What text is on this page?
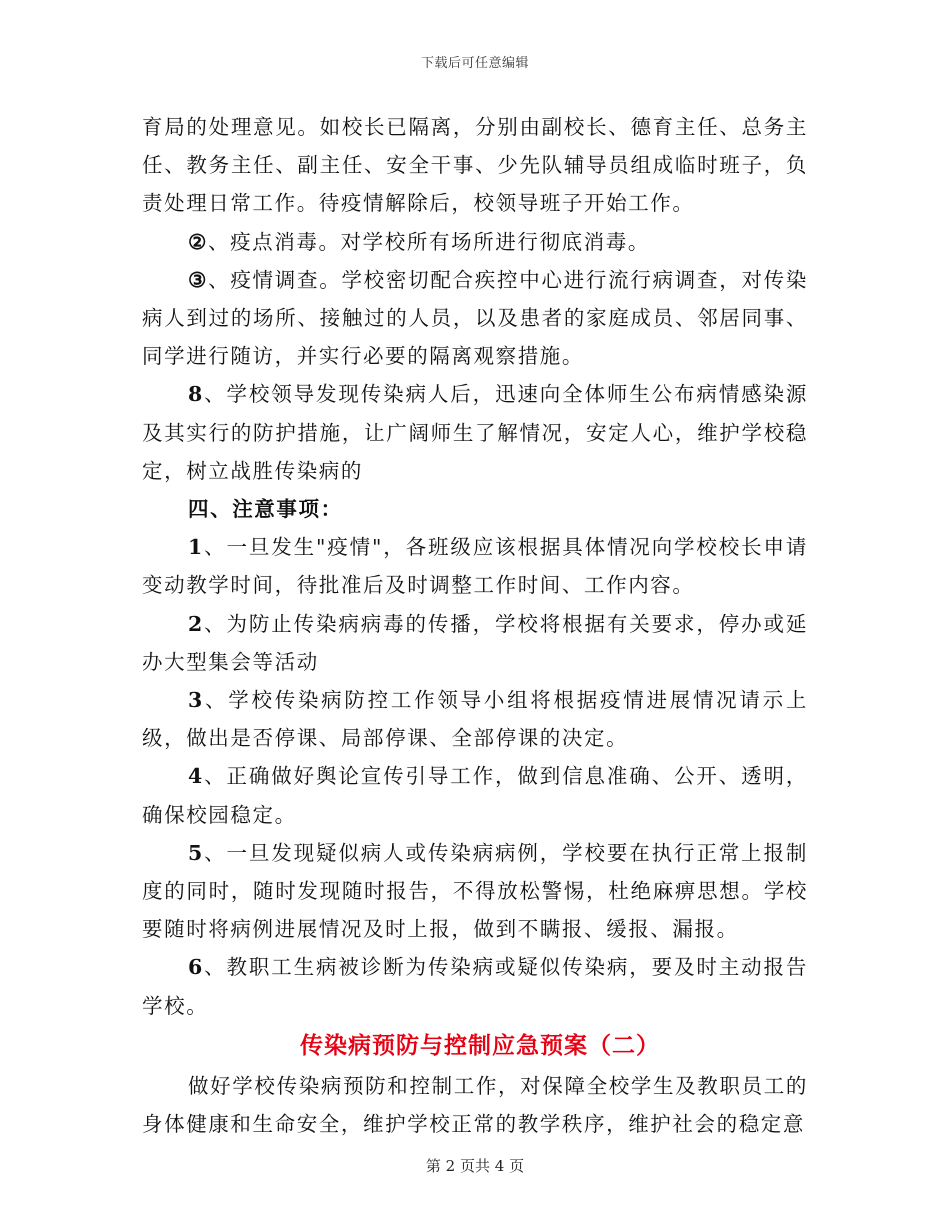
下载后可任意编辑

育局的处理意见。如校长已隔离，分别由副校长、德育主任、总务主任、教务主任、副主任、安全干事、少先队辅导员组成临时班子，负责处理日常工作。待疫情解除后，校领导班子开始工作。

②、疫点消毒。对学校所有场所进行彻底消毒。

③、疫情调查。学校密切配合疾控中心进行流行病调查，对传染病人到过的场所、接触过的人员，以及患者的家庭成员、邻居同事、同学进行随访，并实行必要的隔离观察措施。

8、学校领导发现传染病人后，迅速向全体师生公布病情感染源及其实行的防护措施，让广阔师生了解情况，安定人心，维护学校稳定，树立战胜传染病的

四、注意事项：

1、一旦发生"疫情"，各班级应该根据具体情况向学校校长申请变动教学时间，待批准后及时调整工作时间、工作内容。

2、为防止传染病病毒的传播，学校将根据有关要求，停办或延办大型集会等活动

3、学校传染病防控工作领导小组将根据疫情进展情况请示上级，做出是否停课、局部停课、全部停课的决定。

4、正确做好舆论宣传引导工作，做到信息准确、公开、透明，确保校园稳定。

5、一旦发现疑似病人或传染病病例，学校要在执行正常上报制度的同时，随时发现随时报告，不得放松警惕，杜绝麻痹思想。学校要随时将病例进展情况及时上报，做到不瞒报、缓报、漏报。

6、教职工生病被诊断为传染病或疑似传染病，要及时主动报告学校。

传染病预防与控制应急预案（二）

做好学校传染病预防和控制工作，对保障全校学生及教职员工的身体健康和生命安全，维护学校正常的教学秩序，维护社会的稳定意

第 2 页共 4 页
